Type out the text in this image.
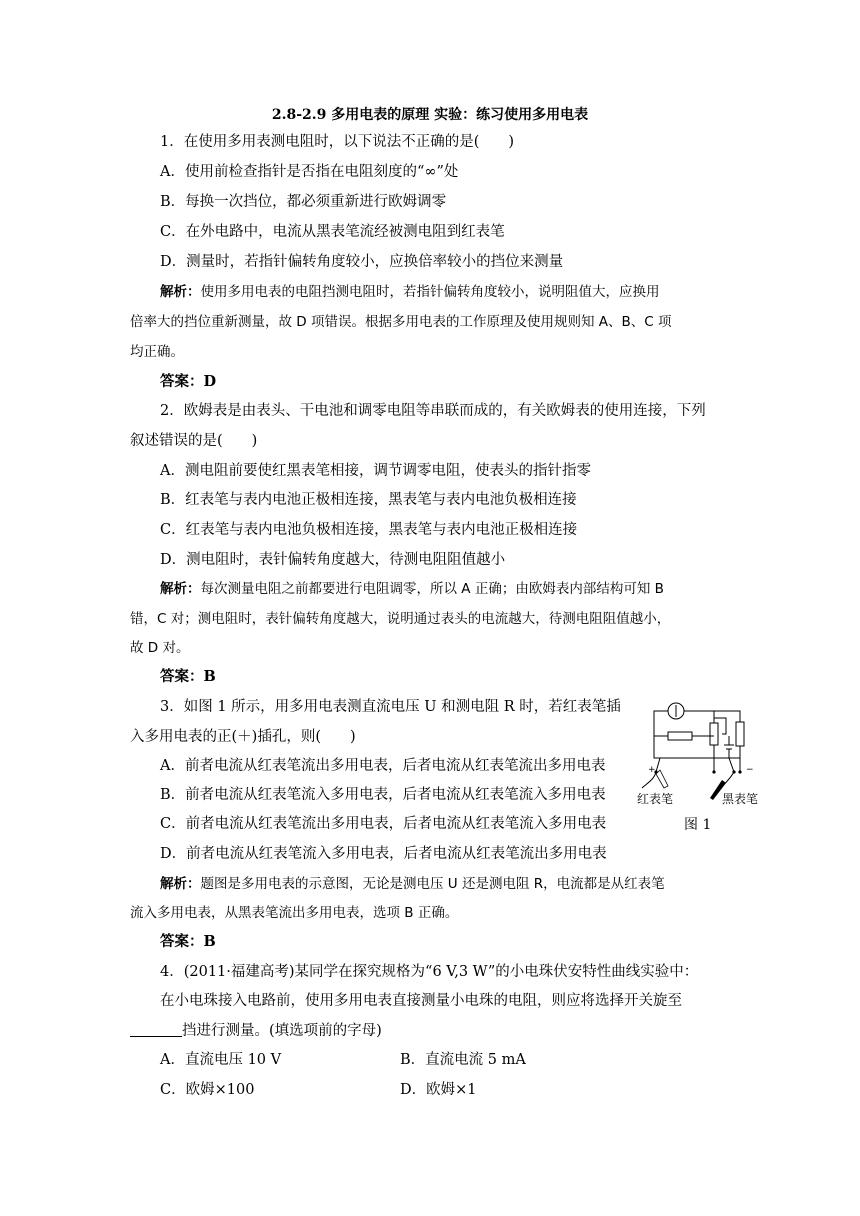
2.8-2.9 多用电表的原理 实验：练习使用多用电表
1．在使用多用表测电阻时，以下说法不正确的是(　　)
A．使用前检查指针是否指在电阻刻度的“∞”处
B．每换一次挡位，都必须重新进行欧姆调零
C．在外电路中，电流从黑表笔流经被测电阻到红表笔
D．测量时，若指针偏转角度较小，应换倍率较小的挡位来测量
解析：使用多用电表的电阻挡测电阻时，若指针偏转角度较小，说明阻值大，应换用
倍率大的挡位重新测量，故 D 项错误。根据多用电表的工作原理及使用规则知 A、B、C 项
均正确。
答案：D
2．欧姆表是由表头、干电池和调零电阻等串联而成的，有关欧姆表的使用连接，下列
叙述错误的是(　　)
A．测电阻前要使红黑表笔相接，调节调零电阻，使表头的指针指零
B．红表笔与表内电池正极相连接，黑表笔与表内电池负极相连接
C．红表笔与表内电池负极相连接，黑表笔与表内电池正极相连接
D．测电阻时，表针偏转角度越大，待测电阻阻值越小
解析：每次测量电阻之前都要进行电阻调零，所以 A 正确；由欧姆表内部结构可知 B
错，C 对；测电阻时，表针偏转角度越大，说明通过表头的电流越大，待测电阻阻值越小，
故 D 对。
答案：B
3．如图 1 所示，用多用电表测直流电压 U 和测电阻 R 时，若红表笔插
入多用电表的正(＋)插孔，则(　　)
A．前者电流从红表笔流出多用电表，后者电流从红表笔流出多用电表
B．前者电流从红表笔流入多用电表，后者电流从红表笔流入多用电表
C．前者电流从红表笔流出多用电表，后者电流从红表笔流入多用电表
D．前者电流从红表笔流入多用电表，后者电流从红表笔流出多用电表
+	−
红表笔	黑表笔
图 1
解析：题图是多用电表的示意图，无论是测电压 U 还是测电阻 R，电流都是从红表笔
流入多用电表，从黑表笔流出多用电表，选项 B 正确。
答案：B
4．(2011·福建高考)某同学在探究规格为“6 V,3 W”的小电珠伏安特性曲线实验中：
在小电珠接入电路前，使用多用电表直接测量小电珠的电阻，则应将选择开关旋至
挡进行测量。(填选项前的字母)
A．直流电压 10 V	B．直流电流 5 mA
C．欧姆×100	D．欧姆×1
